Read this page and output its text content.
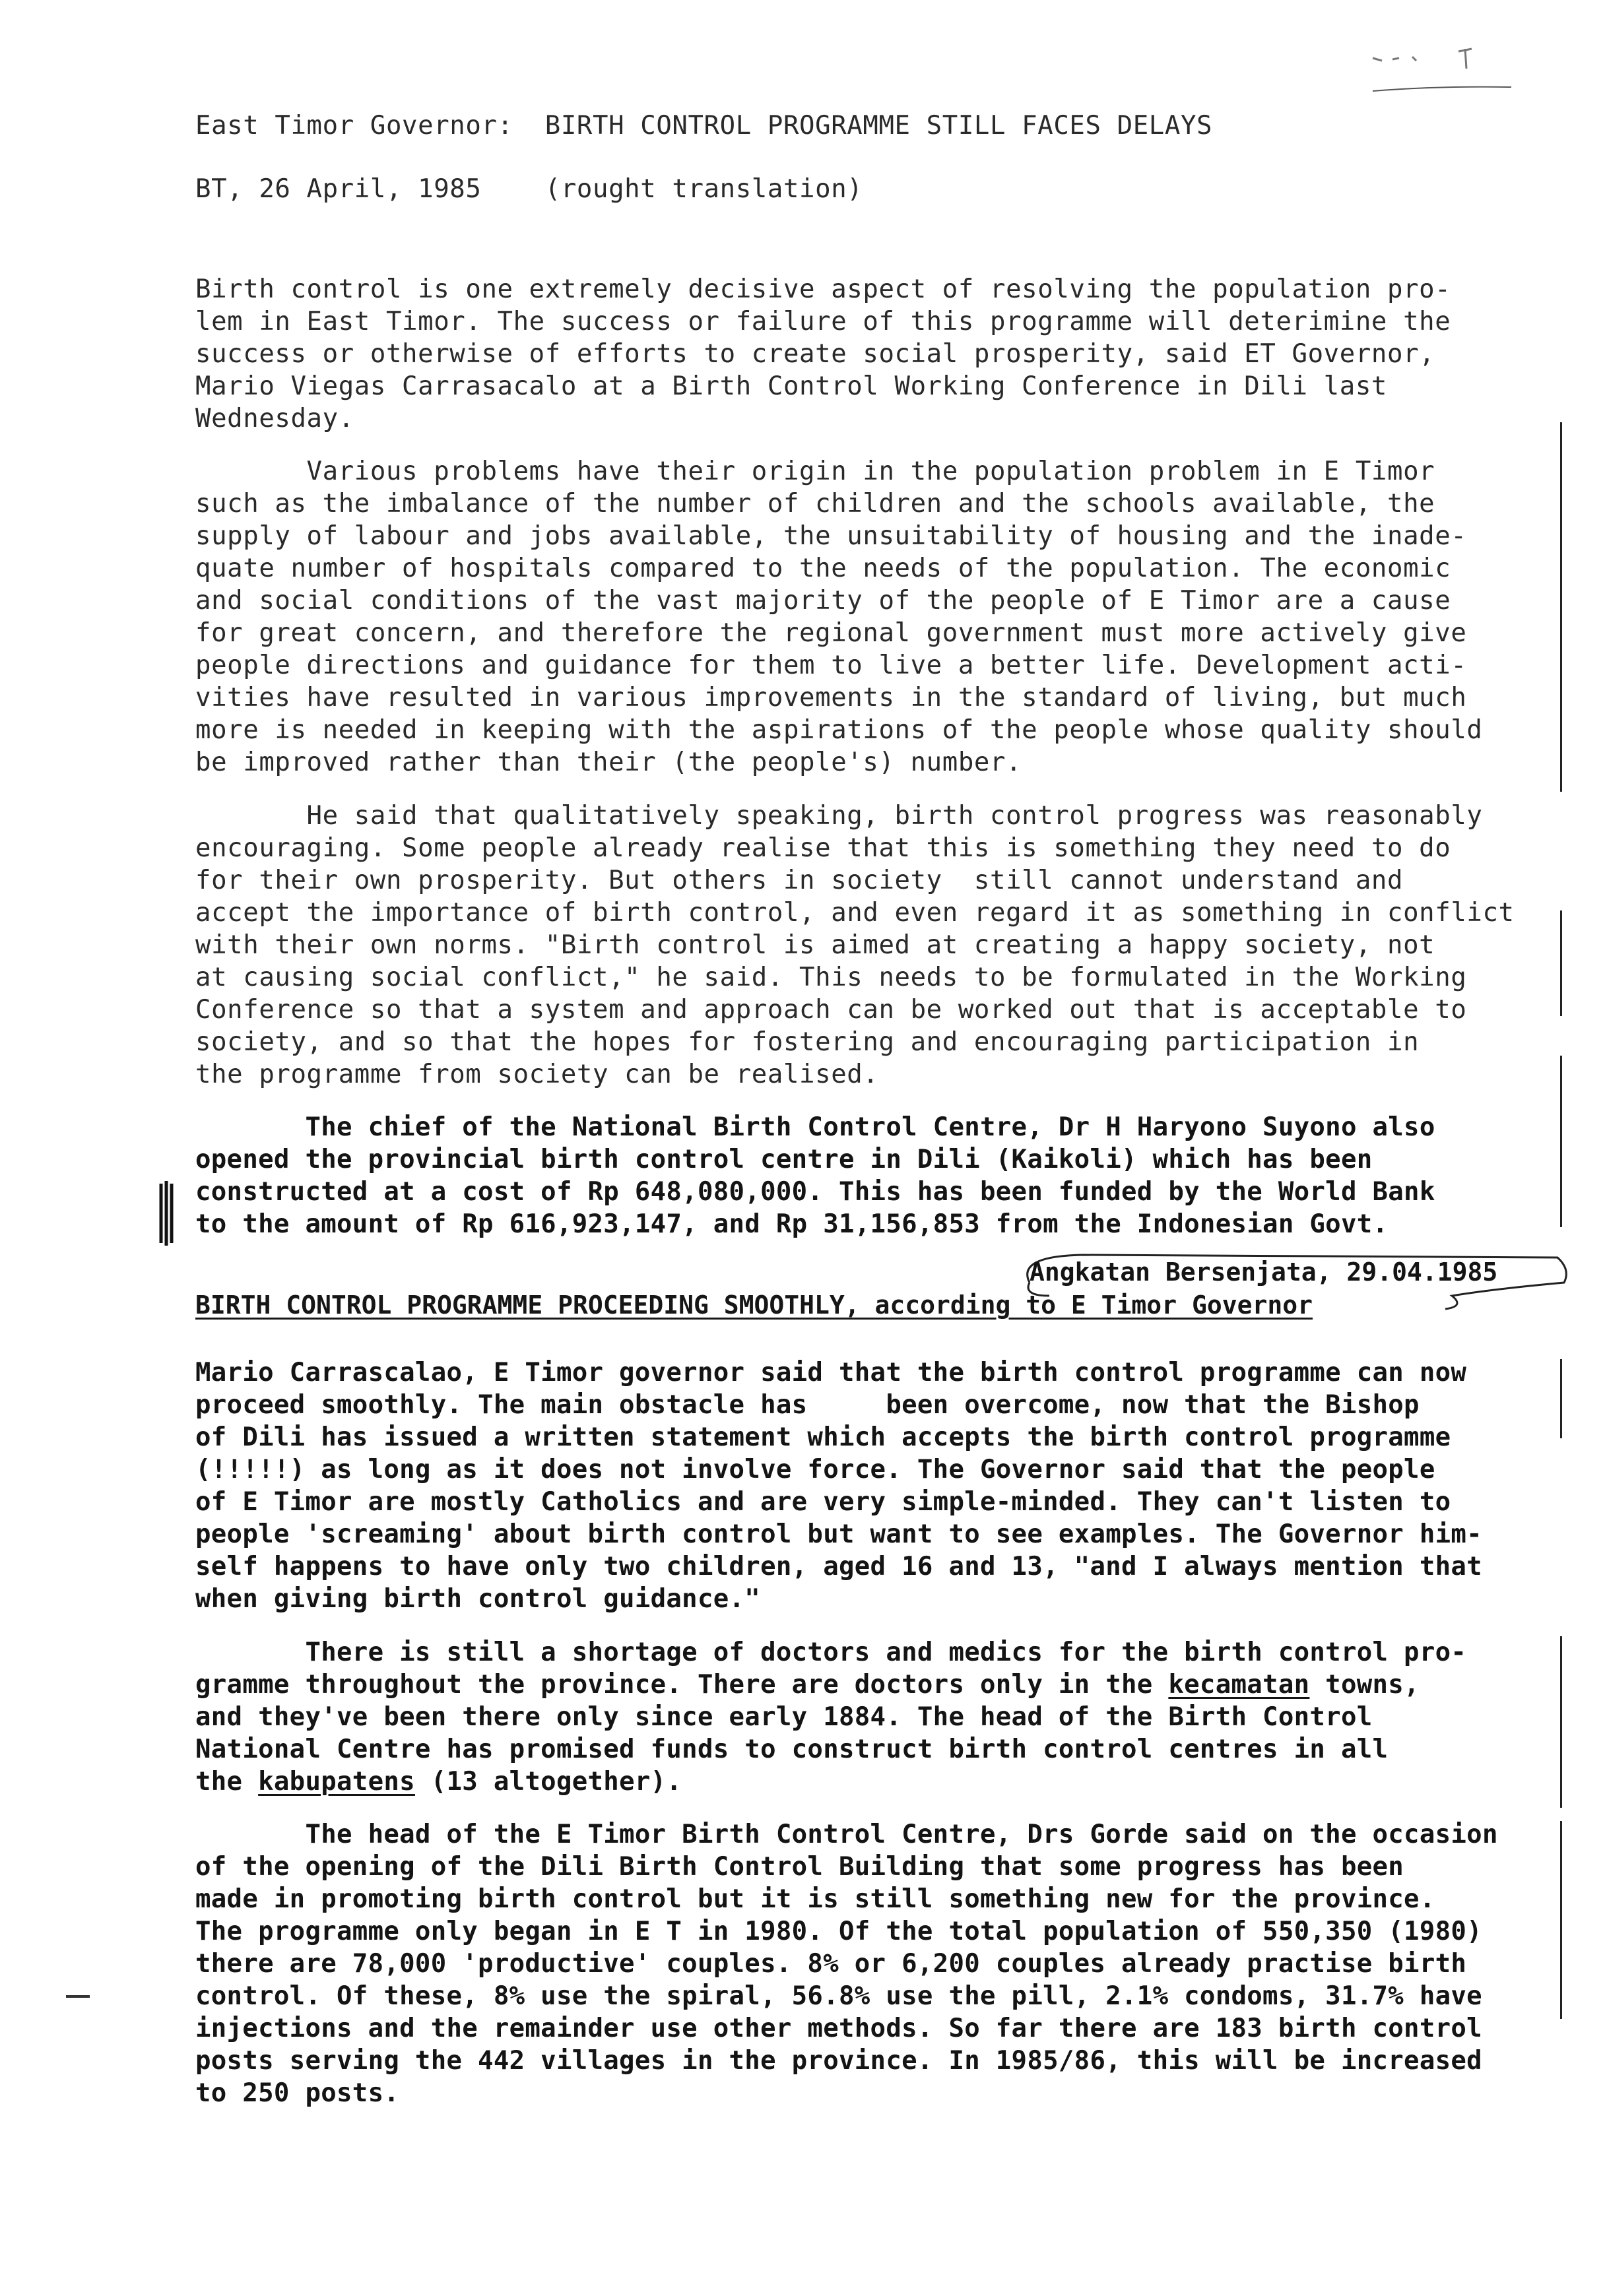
East Timor Governor:  BIRTH CONTROL PROGRAMME STILL FACES DELAYS
BT, 26 April, 1985    (rought translation)
Birth control is one extremely decisive aspect of resolving the population pro-
lem in East Timor. The success or failure of this programme will deterimine the
success or otherwise of efforts to create social prosperity, said ET Governor,
Mario Viegas Carrasacalo at a Birth Control Working Conference in Dili last
Wednesday.
Various problems have their origin in the population problem in E Timor
such as the imbalance of the number of children and the schools available, the
supply of labour and jobs available, the unsuitability of housing and the inade-
quate number of hospitals compared to the needs of the population. The economic
and social conditions of the vast majority of the people of E Timor are a cause
for great concern, and therefore the regional government must more actively give
people directions and guidance for them to live a better life. Development acti-
vities have resulted in various improvements in the standard of living, but much
more is needed in keeping with the aspirations of the people whose quality should
be improved rather than their (the people's) number.
He said that qualitatively speaking, birth control progress was reasonably
encouraging. Some people already realise that this is something they need to do
for their own prosperity. But others in society  still cannot understand and
accept the importance of birth control, and even regard it as something in conflict
with their own norms. "Birth control is aimed at creating a happy society, not
at causing social conflict," he said. This needs to be formulated in the Working
Conference so that a system and approach can be worked out that is acceptable to
society, and so that the hopes for fostering and encouraging participation in
the programme from society can be realised.
The chief of the National Birth Control Centre, Dr H Haryono Suyono also
opened the provincial birth control centre in Dili (Kaikoli) which has been
constructed at a cost of Rp 648,080,000. This has been funded by the World Bank
to the amount of Rp 616,923,147, and Rp 31,156,853 from the Indonesian Govt.
Angkatan Bersenjata, 29.04.1985
BIRTH CONTROL PROGRAMME PROCEEDING SMOOTHLY, according to E Timor Governor
Mario Carrascalao, E Timor governor said that the birth control programme can now
proceed smoothly. The main obstacle has     been overcome, now that the Bishop
of Dili has issued a written statement which accepts the birth control programme
(!!!!!) as long as it does not involve force. The Governor said that the people
of E Timor are mostly Catholics and are very simple-minded. They can't listen to
people 'screaming' about birth control but want to see examples. The Governor him-
self happens to have only two children, aged 16 and 13, "and I always mention that
when giving birth control guidance."
There is still a shortage of doctors and medics for the birth control pro-
gramme throughout the province. There are doctors only in the kecamatan towns,
and they've been there only since early 1884. The head of the Birth Control
National Centre has promised funds to construct birth control centres in all
the kabupatens (13 altogether).
The head of the E Timor Birth Control Centre, Drs Gorde said on the occasion
of the opening of the Dili Birth Control Building that some progress has been
made in promoting birth control but it is still something new for the province.
The programme only began in E T in 1980. Of the total population of 550,350 (1980)
there are 78,000 'productive' couples. 8% or 6,200 couples already practise birth
control. Of these, 8% use the spiral, 56.8% use the pill, 2.1% condoms, 31.7% have
injections and the remainder use other methods. So far there are 183 birth control
posts serving the 442 villages in the province. In 1985/86, this will be increased
to 250 posts.
